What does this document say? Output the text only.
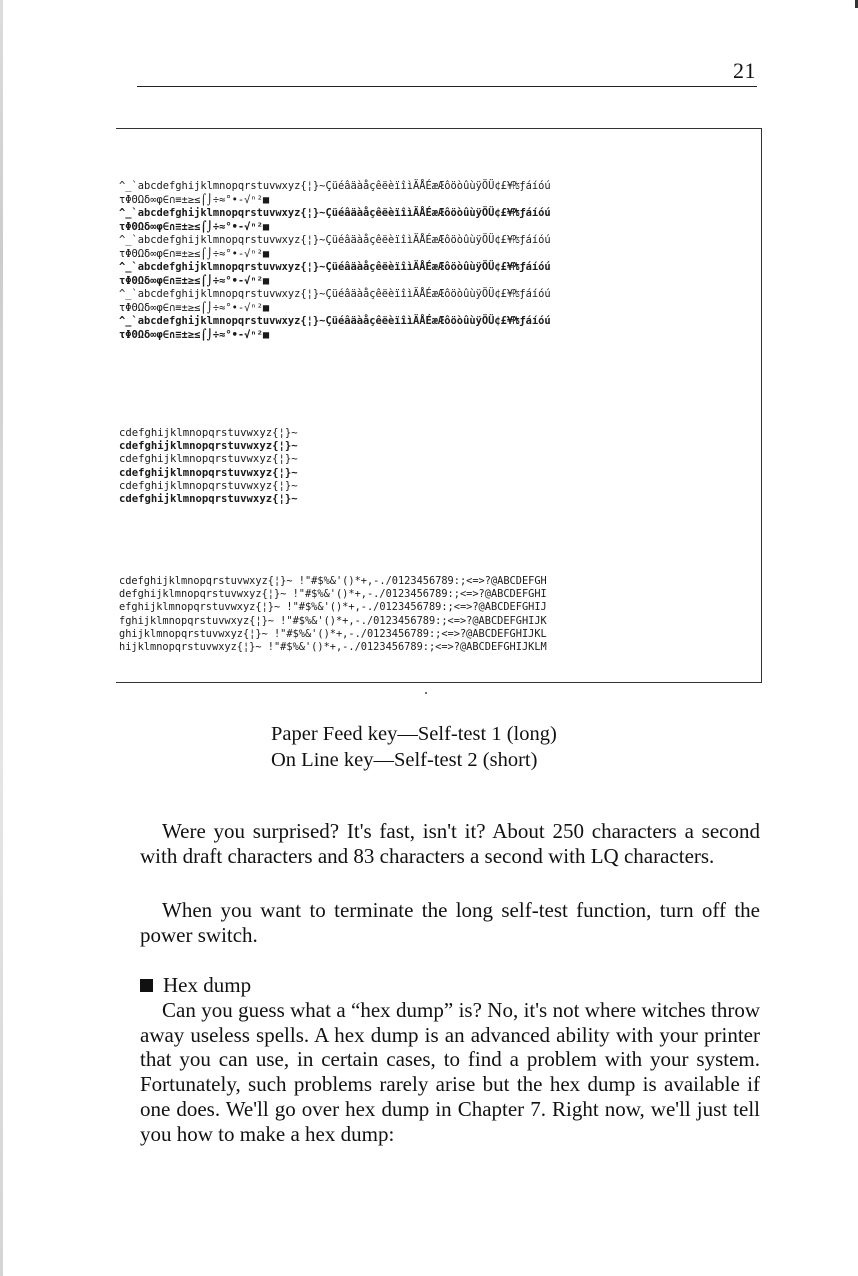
21
^_`abcdefghijklmnopqrstuvwxyz{¦}~ÇüéâäàåçêëèïîìÄÅÉæÆôöòûùÿÖÜ¢£¥₧ƒáíóú
τΦΘΩδ∞φ∈∩≡±≥≤⌠⌡÷≈°•-√ⁿ²■
^_`abcdefghijklmnopqrstuvwxyz{¦}~ÇüéâäàåçêëèïîìÄÅÉæÆôöòûùÿÖÜ¢£¥₧ƒáíóú
τΦΘΩδ∞φ∈∩≡±≥≤⌠⌡÷≈°•-√ⁿ²■
^_`abcdefghijklmnopqrstuvwxyz{¦}~ÇüéâäàåçêëèïîìÄÅÉæÆôöòûùÿÖÜ¢£¥₧ƒáíóú
τΦΘΩδ∞φ∈∩≡±≥≤⌠⌡÷≈°•-√ⁿ²■
^_`abcdefghijklmnopqrstuvwxyz{¦}~ÇüéâäàåçêëèïîìÄÅÉæÆôöòûùÿÖÜ¢£¥₧ƒáíóú
τΦΘΩδ∞φ∈∩≡±≥≤⌠⌡÷≈°•-√ⁿ²■
^_`abcdefghijklmnopqrstuvwxyz{¦}~ÇüéâäàåçêëèïîìÄÅÉæÆôöòûùÿÖÜ¢£¥₧ƒáíóú
τΦΘΩδ∞φ∈∩≡±≥≤⌠⌡÷≈°•-√ⁿ²■
^_`abcdefghijklmnopqrstuvwxyz{¦}~ÇüéâäàåçêëèïîìÄÅÉæÆôöòûùÿÖÜ¢£¥₧ƒáíóú
τΦΘΩδ∞φ∈∩≡±≥≤⌠⌡÷≈°•-√ⁿ²■
cdefghijklmnopqrstuvwxyz{¦}~
cdefghijklmnopqrstuvwxyz{¦}~
cdefghijklmnopqrstuvwxyz{¦}~
cdefghijklmnopqrstuvwxyz{¦}~
cdefghijklmnopqrstuvwxyz{¦}~
cdefghijklmnopqrstuvwxyz{¦}~
cdefghijklmnopqrstuvwxyz{¦}~ !"#$%&'()*+,-./0123456789:;<=>?@ABCDEFGH
defghijklmnopqrstuvwxyz{¦}~ !"#$%&'()*+,-./0123456789:;<=>?@ABCDEFGHI
efghijklmnopqrstuvwxyz{¦}~ !"#$%&'()*+,-./0123456789:;<=>?@ABCDEFGHIJ
fghijklmnopqrstuvwxyz{¦}~ !"#$%&'()*+,-./0123456789:;<=>?@ABCDEFGHIJK
ghijklmnopqrstuvwxyz{¦}~ !"#$%&'()*+,-./0123456789:;<=>?@ABCDEFGHIJKL
hijklmnopqrstuvwxyz{¦}~ !"#$%&'()*+,-./0123456789:;<=>?@ABCDEFGHIJKLM
Paper Feed key—Self-test 1 (long)
On Line key—Self-test 2 (short)

Were you surprised? It's fast, isn't it? About 250 characters a second with draft characters and 83 characters a second with LQ characters.

When you want to terminate the long self-test function, turn off the power switch.

Hex dump

Can you guess what a “hex dump” is? No, it's not where witches throw away useless spells. A hex dump is an advanced ability with your printer that you can use, in certain cases, to find a problem with your system. Fortunately, such problems rarely arise but the hex dump is available if one does. We'll go over hex dump in Chapter 7. Right now, we'll just tell you how to make a hex dump:
